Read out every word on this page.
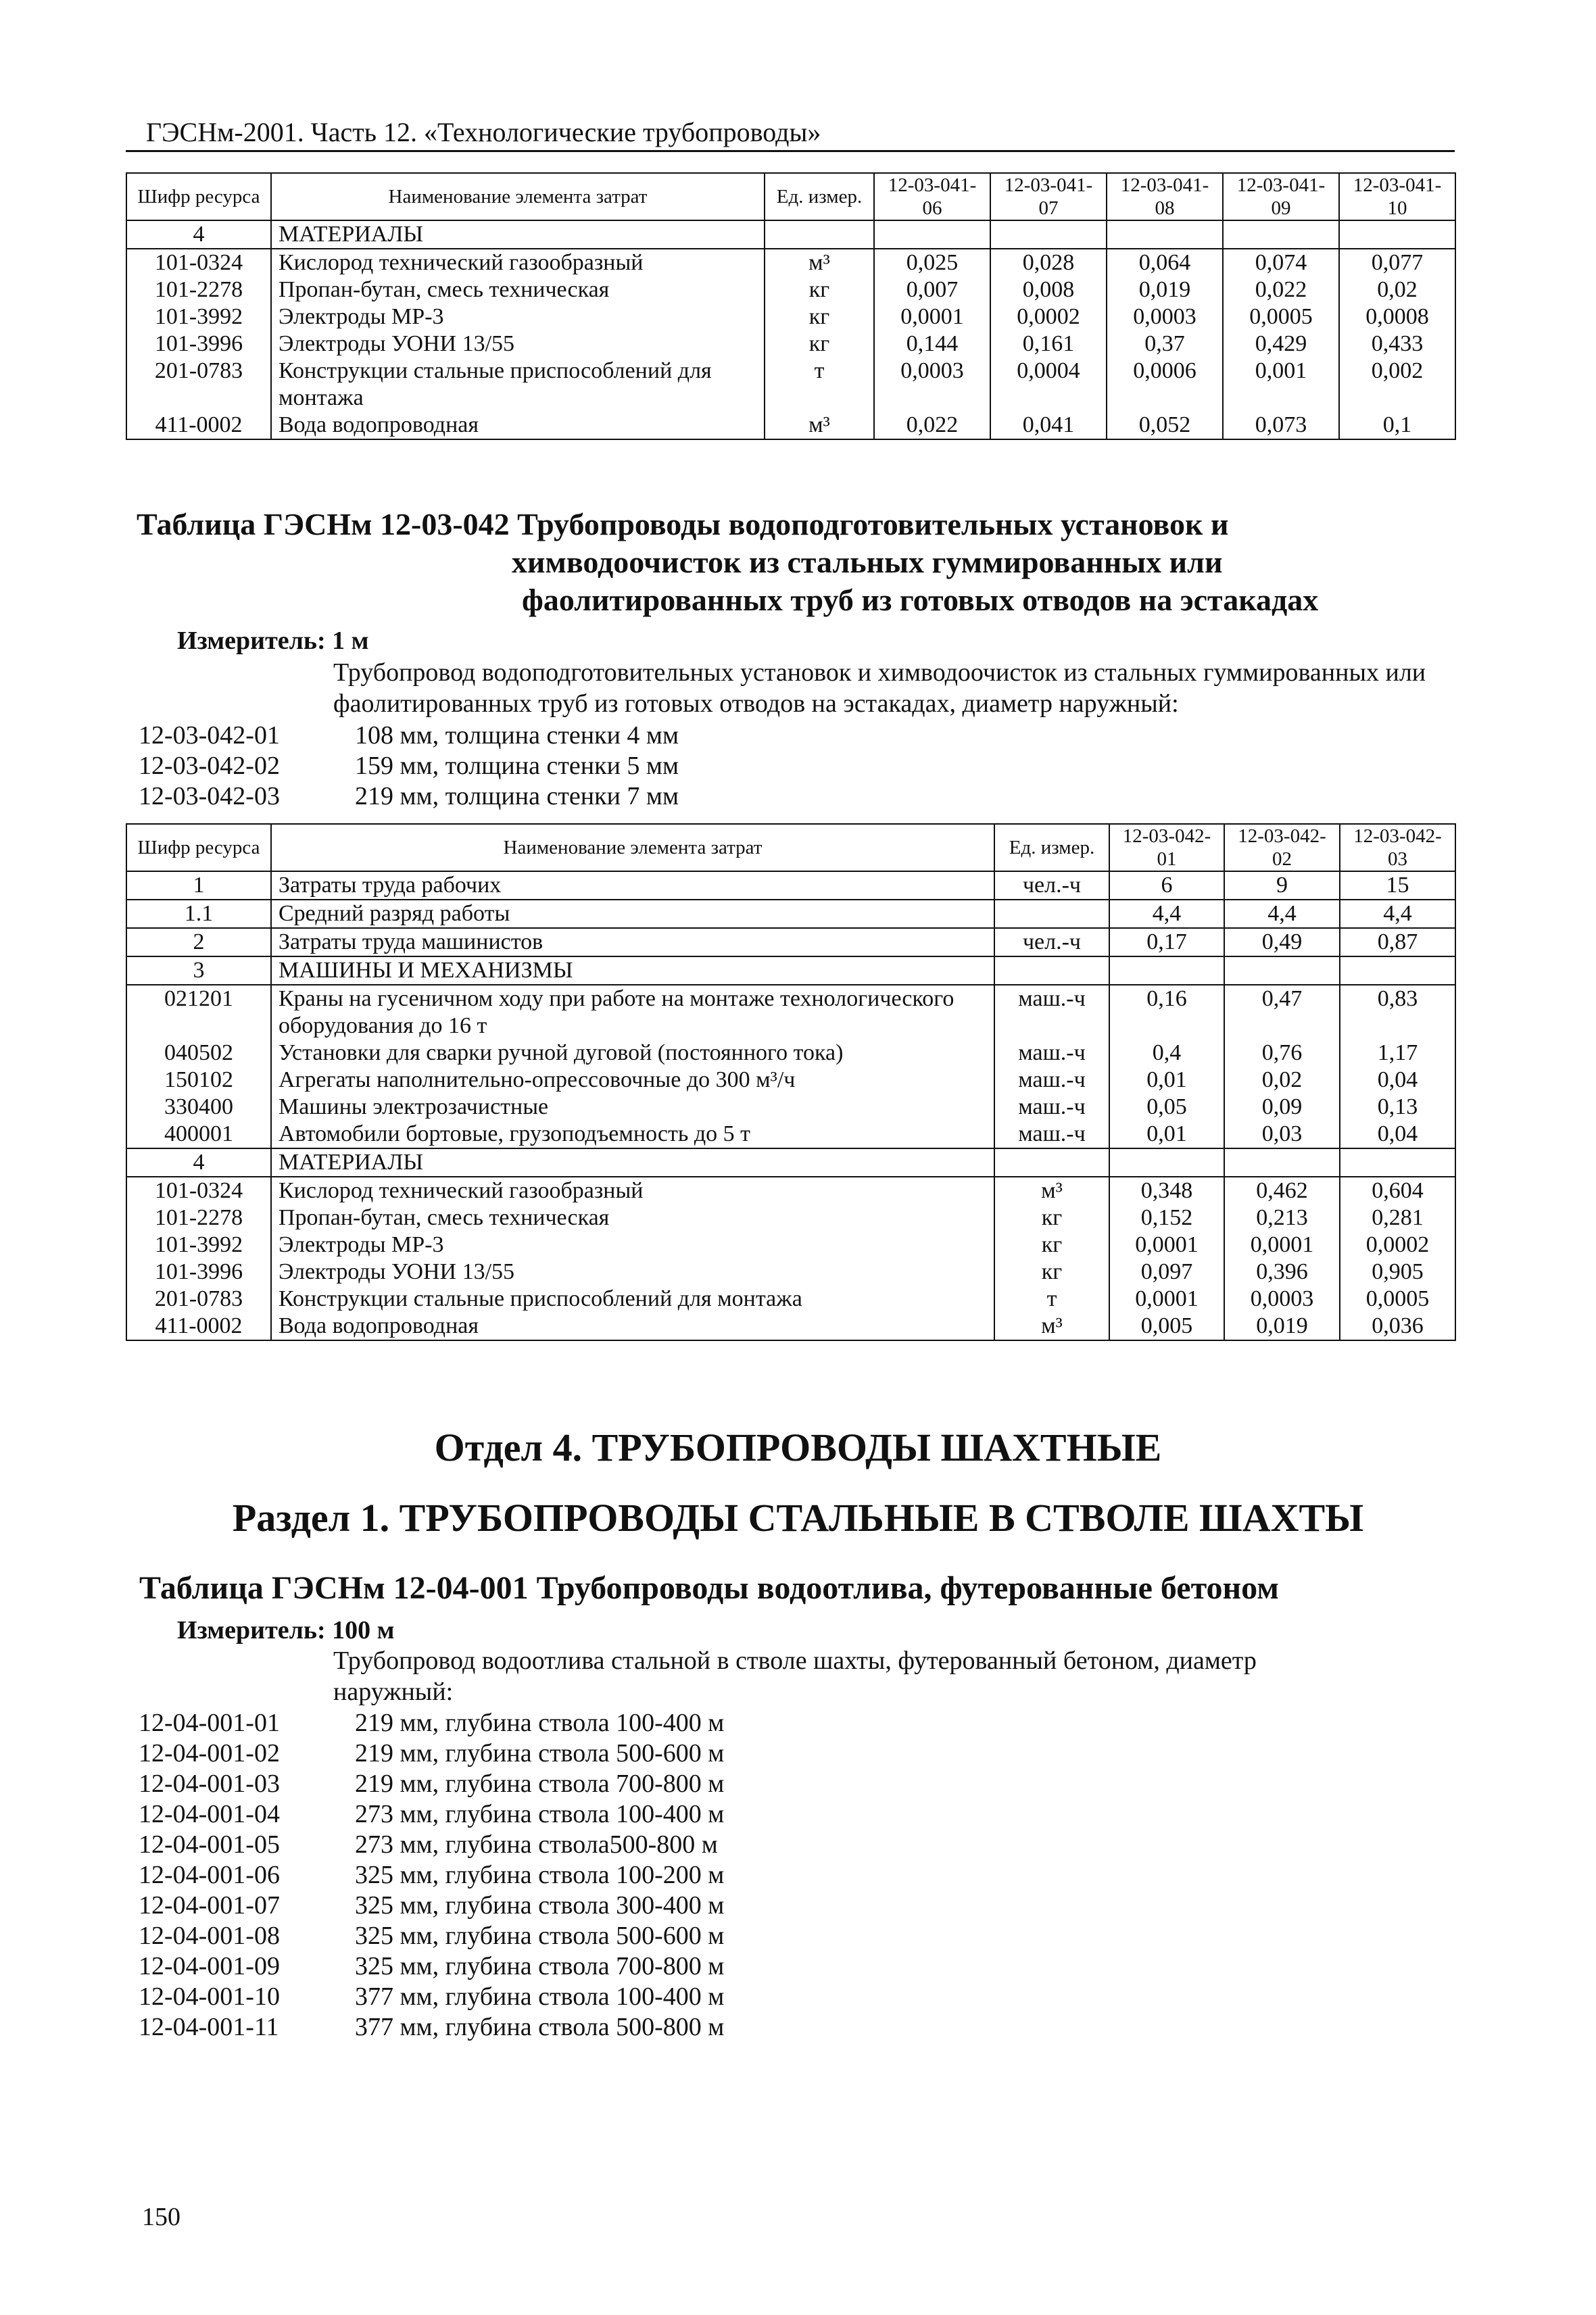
ГЭСНм-2001. Часть 12. «Технологические трубопроводы»
Шифр ресурса	Наименование элемента затрат	Ед. измер.	12-03-041-06	12-03-041-07	12-03-041-08	12-03-041-09	12-03-041-10
4	МАТЕРИАЛЫ						
101-0324	Кислород технический газообразный	м³	0,025	0,028	0,064	0,074	0,077
101-2278	Пропан-бутан, смесь техническая	кг	0,007	0,008	0,019	0,022	0,02
101-3992	Электроды МР-3	кг	0,0001	0,0002	0,0003	0,0005	0,0008
101-3996	Электроды УОНИ 13/55	кг	0,144	0,161	0,37	0,429	0,433
201-0783	Конструкции стальные приспособлений для монтажа	т	0,0003	0,0004	0,0006	0,001	0,002
411-0002	Вода водопроводная	м³	0,022	0,041	0,052	0,073	0,1
Таблица ГЭСНм 12-03-042 Трубопроводы водоподготовительных установок и
химводоочисток из стальных гуммированных или
фаолитированных труб из готовых отводов на эстакадах
Измеритель: 1 м
Трубопровод водоподготовительных установок и химводоочисток из стальных гуммированных или фаолитированных труб из готовых отводов на эстакадах, диаметр наружный:
12-03-042-01	108 мм, толщина стенки 4 мм
12-03-042-02	159 мм, толщина стенки 5 мм
12-03-042-03	219 мм, толщина стенки 7 мм
Шифр ресурса	Наименование элемента затрат	Ед. измер.	12-03-042-01	12-03-042-02	12-03-042-03
1	Затраты труда рабочих	чел.-ч	6	9	15
1.1	Средний разряд работы		4,4	4,4	4,4
2	Затраты труда машинистов	чел.-ч	0,17	0,49	0,87
3	МАШИНЫ И МЕХАНИЗМЫ				
021201	Краны на гусеничном ходу при работе на монтаже технологического оборудования до 16 т	маш.-ч	0,16	0,47	0,83
040502	Установки для сварки ручной дуговой (постоянного тока)	маш.-ч	0,4	0,76	1,17
150102	Агрегаты наполнительно-опрессовочные до 300 м³/ч	маш.-ч	0,01	0,02	0,04
330400	Машины электрозачистные	маш.-ч	0,05	0,09	0,13
400001	Автомобили бортовые, грузоподъемность до 5 т	маш.-ч	0,01	0,03	0,04
4	МАТЕРИАЛЫ				
101-0324	Кислород технический газообразный	м³	0,348	0,462	0,604
101-2278	Пропан-бутан, смесь техническая	кг	0,152	0,213	0,281
101-3992	Электроды МР-3	кг	0,0001	0,0001	0,0002
101-3996	Электроды УОНИ 13/55	кг	0,097	0,396	0,905
201-0783	Конструкции стальные приспособлений для монтажа	т	0,0001	0,0003	0,0005
411-0002	Вода водопроводная	м³	0,005	0,019	0,036
Отдел 4. ТРУБОПРОВОДЫ ШАХТНЫЕ
Раздел 1. ТРУБОПРОВОДЫ СТАЛЬНЫЕ В СТВОЛЕ ШАХТЫ
Таблица ГЭСНм 12-04-001 Трубопроводы водоотлива, футерованные бетоном
Измеритель: 100 м
Трубопровод водоотлива стальной в стволе шахты, футерованный бетоном, диаметр наружный:
12-04-001-01	219 мм, глубина ствола 100-400 м
12-04-001-02	219 мм, глубина ствола 500-600 м
12-04-001-03	219 мм, глубина ствола 700-800 м
12-04-001-04	273 мм, глубина ствола 100-400 м
12-04-001-05	273 мм, глубина ствола500-800 м
12-04-001-06	325 мм, глубина ствола 100-200 м
12-04-001-07	325 мм, глубина ствола 300-400 м
12-04-001-08	325 мм, глубина ствола 500-600 м
12-04-001-09	325 мм, глубина ствола 700-800 м
12-04-001-10	377 мм, глубина ствола 100-400 м
12-04-001-11	377 мм, глубина ствола 500-800 м
150
